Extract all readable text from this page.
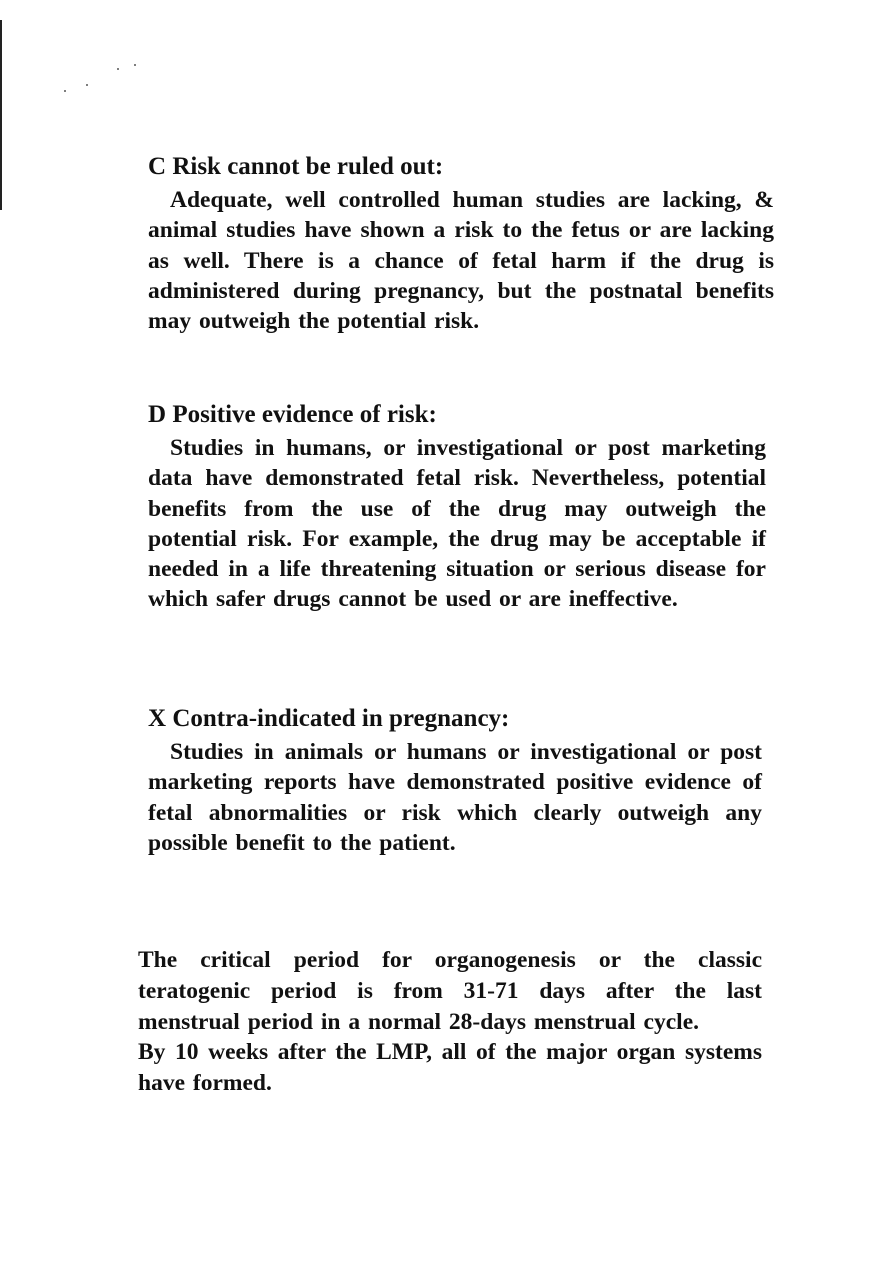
C Risk cannot be ruled out:

Adequate, well controlled human studies are lacking, & animal studies have shown a risk to the fetus or are lacking as well. There is a chance of fetal harm if the drug is administered during pregnancy, but the postnatal benefits may outweigh the potential risk.

D Positive evidence of risk:

Studies in humans, or investigational or post marketing data have demonstrated fetal risk. Nevertheless, potential benefits from the use of the drug may outweigh the potential risk. For example, the drug may be acceptable if needed in a life threatening situation or serious disease for which safer drugs cannot be used or are ineffective.

X Contra-indicated in pregnancy:

Studies in animals or humans or investigational or post marketing reports have demonstrated positive evidence of fetal abnormalities or risk which clearly outweigh any possible benefit to the patient.

The critical period for organogenesis or the classic teratogenic period is from 31-71 days after the last menstrual period in a normal 28-days menstrual cycle.

By 10 weeks after the LMP, all of the major organ systems have formed.
